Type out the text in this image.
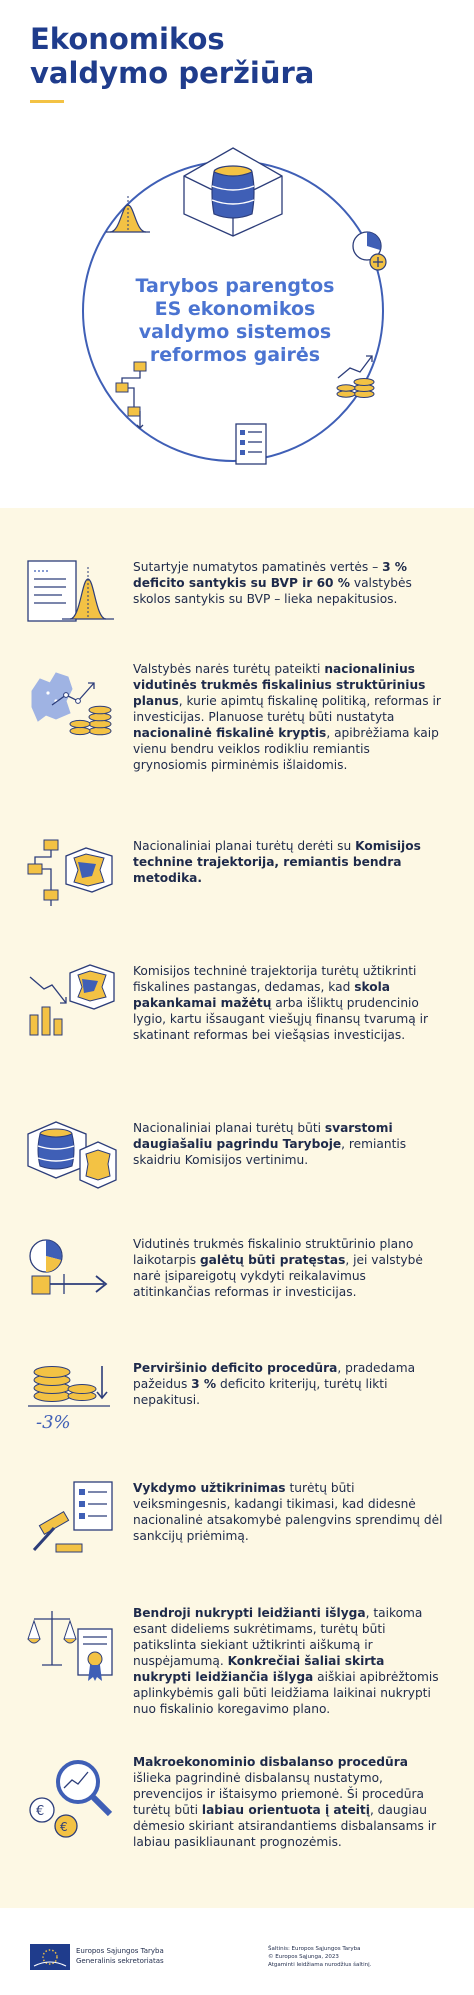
Ekonomikos
valdymo peržiūra
Tarybos parengtos
ES ekonomikos
valdymo sistemos
reformos gairės

Sutartyje numatytos pamatinės vertės – 3 % deficito santykis su BVP ir 60 % valstybės skolos santykis su BVP – lieka nepakitusios.

Valstybės narės turėtų pateikti nacionalinius vidutinės trukmės fiskalinius struktūrinius planus, kurie apimtų fiskalinę politiką, reformas ir investicijas. Planuose turėtų būti nustatyta nacionalinė fiskalinė kryptis, apibrėžiama kaip vienu bendru veiklos rodikliu remiantis grynosiomis pirminėmis išlaidomis.

Nacionaliniai planai turėtų derėti su Komisijos technine trajektorija, remiantis bendra metodika.

Komisijos techninė trajektorija turėtų užtikrinti fiskalines pastangas, dedamas, kad skola pakankamai mažėtų arba išliktų prudencinio lygio, kartu išsaugant viešųjų finansų tvarumą ir skatinant reformas bei viešąsias investicijas.

Nacionaliniai planai turėtų būti svarstomi daugiašaliu pagrindu Taryboje, remiantis skaidriu Komisijos vertinimu.

Vidutinės trukmės fiskalinio struktūrinio plano laikotarpis galėtų būti pratęstas, jei valstybė narė įsipareigotų vykdyti reikalavimus atitinkančias reformas ir investicijas.

-3%

Perviršinio deficito procedūra, pradedama pažeidus 3 % deficito kriterijų, turėtų likti nepakitusi.

Vykdymo užtikrinimas turėtų būti veiksmingesnis, kadangi tikimasi, kad didesnė nacionalinė atsakomybė palengvins sprendimų dėl sankcijų priėmimą.

Bendroji nukrypti leidžianti išlyga, taikoma esant dideliems sukrėtimams, turėtų būti patikslinta siekiant užtikrinti aiškumą ir nuspėjamumą. Konkrečiai šaliai skirta nukrypti leidžiančia išlyga aiškiai apibrėžtomis aplinkybėmis gali būti leidžiama laikinai nukrypti nuo fiskalinio koregavimo plano.

€
€

Makroekonominio disbalanso procedūra išlieka pagrindinė disbalansų nustatymo, prevencijos ir ištaisymo priemonė. Ši procedūra turėtų būti labiau orientuota į ateitį, daugiau dėmesio skiriant atsirandantiems disbalansams ir labiau pasikliaunant prognozėmis.

Europos Sąjungos Taryba
Generalinis sekretoriatas
Šaltinis: Europos Sąjungos Taryba
© Europos Sąjunga, 2023
Atgaminti leidžiama nurodžius šaltinį.
